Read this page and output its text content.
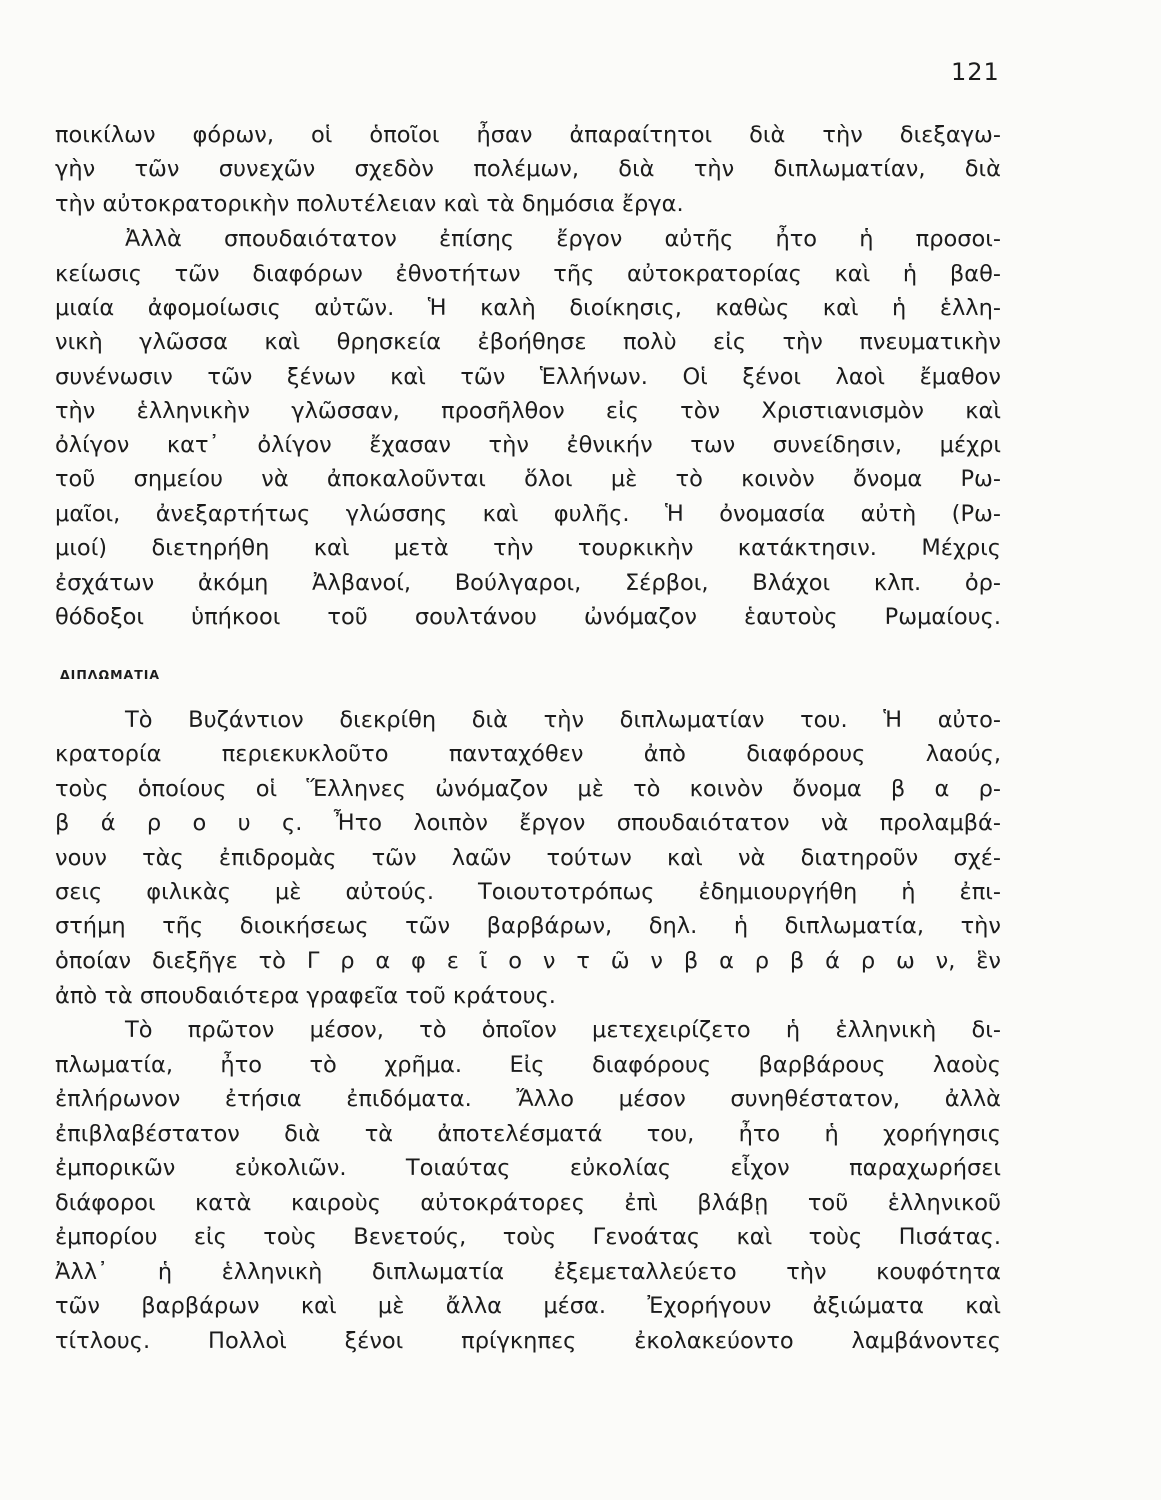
121
ποικίλων φόρων, οἱ ὁποῖοι ἦσαν ἀπαραίτητοι διὰ τὴν διεξαγω-
γὴν τῶν συνεχῶν σχεδὸν πολέμων, διὰ τὴν διπλωματίαν, διὰ
τὴν αὐτοκρατορικὴν πολυτέλειαν καὶ τὰ δημόσια ἔργα.
Ἀλλὰ σπουδαιότατον ἐπίσης ἔργον αὐτῆς ἦτο ἡ προσοι-
κείωσις τῶν διαφόρων ἐθνοτήτων τῆς αὐτοκρατορίας καὶ ἡ βαθ-
μιαία ἀφομοίωσις αὐτῶν. Ἡ καλὴ διοίκησις, καθὼς καὶ ἡ ἑλλη-
νικὴ γλῶσσα καὶ θρησκεία ἐβοήθησε πολὺ εἰς τὴν πνευματικὴν
συνένωσιν τῶν ξένων καὶ τῶν Ἑλλήνων. Οἱ ξένοι λαοὶ ἔμαθον
τὴν ἑλληνικὴν γλῶσσαν, προσῆλθον εἰς τὸν Χριστιανισμὸν καὶ
ὀλίγον κατ᾽ ὀλίγον ἔχασαν τὴν ἐθνικήν των συνείδησιν, μέχρι
τοῦ σημείου νὰ ἀποκαλοῦνται ὅλοι μὲ τὸ κοινὸν ὄνομα Ρω-
μαῖοι, ἀνεξαρτήτως γλώσσης καὶ φυλῆς. Ἡ ὀνομασία αὐτὴ (Ρω-
μιοί) διετηρήθη καὶ μετὰ τὴν τουρκικὴν κατάκτησιν. Μέχρις
ἐσχάτων ἀκόμη Ἀλβανοί, Βούλγαροι, Σέρβοι, Βλάχοι κλπ. ὀρ-
θόδοξοι ὑπήκοοι τοῦ σουλτάνου ὠνόμαζον ἑαυτοὺς Ρωμαίους.
ΔΙΠΛΩΜΑΤΙΑ
Τὸ Βυζάντιον διεκρίθη διὰ τὴν διπλωματίαν του. Ἡ αὐτο-
κρατορία περιεκυκλοῦτο πανταχόθεν ἀπὸ διαφόρους λαούς,
τοὺς ὁποίους οἱ Ἕλληνες ὠνόμαζον μὲ τὸ κοινὸν ὄνομα β α ρ-
β ά ρ ο υ ς. Ἦτο λοιπὸν ἔργον σπουδαιότατον νὰ προλαμβά-
νουν τὰς ἐπιδρομὰς τῶν λαῶν τούτων καὶ νὰ διατηροῦν σχέ-
σεις φιλικὰς μὲ αὐτούς. Τοιουτοτρόπως ἐδημιουργήθη ἡ ἐπι-
στήμη τῆς διοικήσεως τῶν βαρβάρων, δηλ. ἡ διπλωματία, τὴν
ὁποίαν διεξῆγε τὸ Γ ρ α φ ε ῖ ο ν τ ῶ ν β α ρ β ά ρ ω ν, ἓν
ἀπὸ τὰ σπουδαιότερα γραφεῖα τοῦ κράτους.
Τὸ πρῶτον μέσον, τὸ ὁποῖον μετεχειρίζετο ἡ ἑλληνικὴ δι-
πλωματία, ἦτο τὸ χρῆμα. Εἰς διαφόρους βαρβάρους λαοὺς
ἐπλήρωνον ἐτήσια ἐπιδόματα. Ἄλλο μέσον συνηθέστατον, ἀλλὰ
ἐπιβλαβέστατον διὰ τὰ ἀποτελέσματά του, ἦτο ἡ χορήγησις
ἐμπορικῶν εὐκολιῶν. Τοιαύτας εὐκολίας εἶχον παραχωρήσει
διάφοροι κατὰ καιροὺς αὐτοκράτορες ἐπὶ βλάβῃ τοῦ ἑλληνικοῦ
ἐμπορίου εἰς τοὺς Βενετούς, τοὺς Γενοάτας καὶ τοὺς Πισάτας.
Ἀλλ᾽ ἡ ἑλληνικὴ διπλωματία ἐξεμεταλλεύετο τὴν κουφότητα
τῶν βαρβάρων καὶ μὲ ἄλλα μέσα. Ἐχορήγουν ἀξιώματα καὶ
τίτλους. Πολλοὶ ξένοι πρίγκηπες ἐκολακεύοντο λαμβάνοντες
